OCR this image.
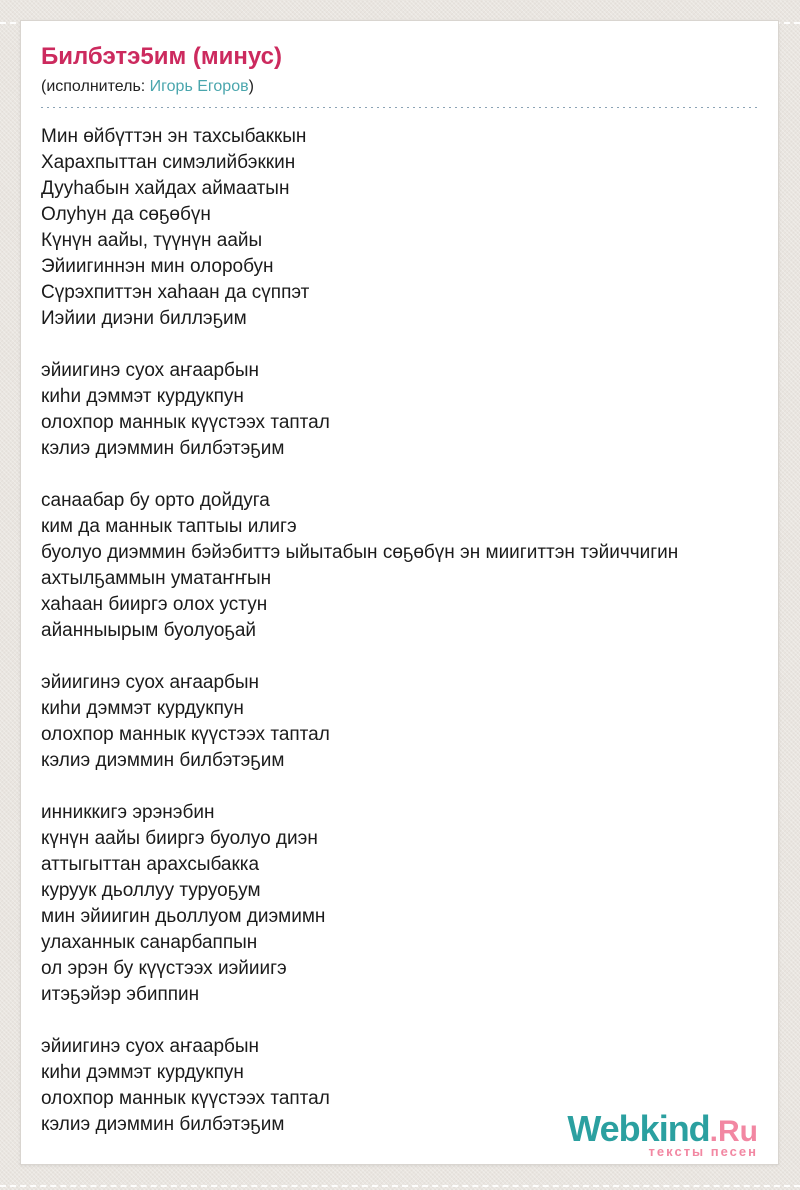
Билбэтэ5им (минус)

(исполнитель: Игорь Егоров)

Мин өйбүттэн эн тахсыбаккын
Харахпыттан симэлийбэккин
Дууһабын хайдах аймаатын
Олуһун да сөҕөбүн
Күнүн аайы, түүнүн аайы
Эйиигиннэн мин олоробун
Сүрэхпиттэн хаһаан да сүппэт
Иэйии диэни биллэҕим
эйиигинэ суох аҥаарбын
киһи дэммэт курдукпун
олохпор маннык күүстээх таптал
кэлиэ диэммин билбэтэҕим
санаабар бу орто дойдуга
ким да маннык таптыы илигэ
буолуо диэммин бэйэбиттэ ыйытабын сөҕөбүн эн миигиттэн тэйиччигин
ахтылҕаммын уматаҥҥын
хаһаан бииргэ олох устун
айанныырым буолуоҕай
эйиигинэ суох аҥаарбын
киһи дэммэт курдукпун
олохпор маннык күүстээх таптал
кэлиэ диэммин билбэтэҕим
инниккигэ эрэнэбин
күнүн аайы бииргэ буолуо диэн
аттыгыттан арахсыбакка
куруук дьоллуу туруоҕум
мин эйиигин дьоллуом диэмимн
улаханнык санарбаппын
ол эрэн бу күүстээх иэйиигэ
итэҕэйэр эбиппин
эйиигинэ суох аҥаарбын
киһи дэммэт курдукпун
олохпор маннык күүстээх таптал
кэлиэ диэммин билбэтэҕим	Webkind.Ru
тексты песен
